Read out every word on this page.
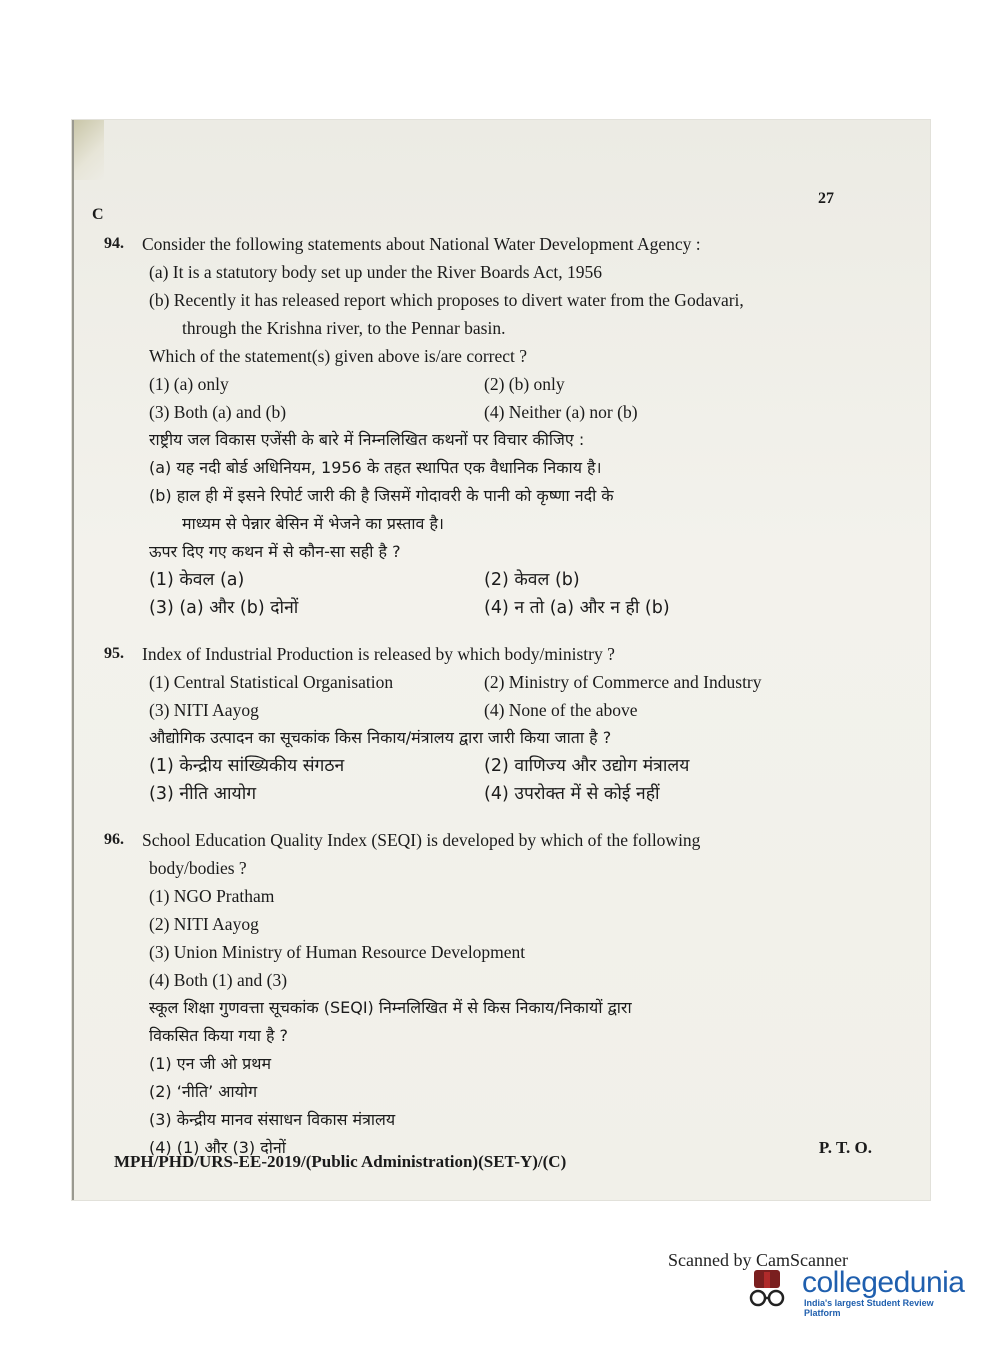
C
27
94.	Consider the following statements about National Water Development Agency :
(a) It is a statutory body set up under the River Boards Act, 1956
(b) Recently it has released report which proposes to divert water from the Godavari,
through the Krishna river, to the Pennar basin.
Which of the statement(s) given above is/are correct ?
(1) (a) only	(2) (b) only
(3) Both (a) and (b)	(4) Neither (a) nor (b)
राष्ट्रीय जल विकास एजेंसी के बारे में निम्नलिखित कथनों पर विचार कीजिए :
(a) यह नदी बोर्ड अधिनियम, 1956 के तहत स्थापित एक वैधानिक निकाय है।
(b) हाल ही में इसने रिपोर्ट जारी की है जिसमें गोदावरी के पानी को कृष्णा नदी के
माध्यम से पेन्नार बेसिन में भेजने का प्रस्ताव है।
ऊपर दिए गए कथन में से कौन-सा सही है ?
(1) केवल (a)	(2) केवल (b)
(3) (a) और (b) दोनों	(4) न तो (a) और न ही (b)
95.	Index of Industrial Production is released by which body/ministry ?
(1) Central Statistical Organisation	(2) Ministry of Commerce and Industry
(3) NITI Aayog	(4) None of the above
औद्योगिक उत्पादन का सूचकांक किस निकाय/मंत्रालय द्वारा जारी किया जाता है ?
(1) केन्द्रीय सांख्यिकीय संगठन	(2) वाणिज्य और उद्योग मंत्रालय
(3) नीति आयोग	(4) उपरोक्त में से कोई नहीं
96.	School Education Quality Index (SEQI) is developed by which of the following
body/bodies ?
(1) NGO Pratham
(2) NITI Aayog
(3) Union Ministry of Human Resource Development
(4) Both (1) and (3)
स्कूल शिक्षा गुणवत्ता सूचकांक (SEQI) निम्नलिखित में से किस निकाय/निकायों द्वारा
विकसित किया गया है ?
(1) एन जी ओ प्रथम
(2) ‘नीति’ आयोग
(3) केन्द्रीय मानव संसाधन विकास मंत्रालय
(4) (1) और (3) दोनों	P. T. O.
MPH/PHD/URS-EE-2019/(Public Administration)(SET-Y)/(C)
Scanned by CamScanner
collegedunia
India's largest Student Review Platform
